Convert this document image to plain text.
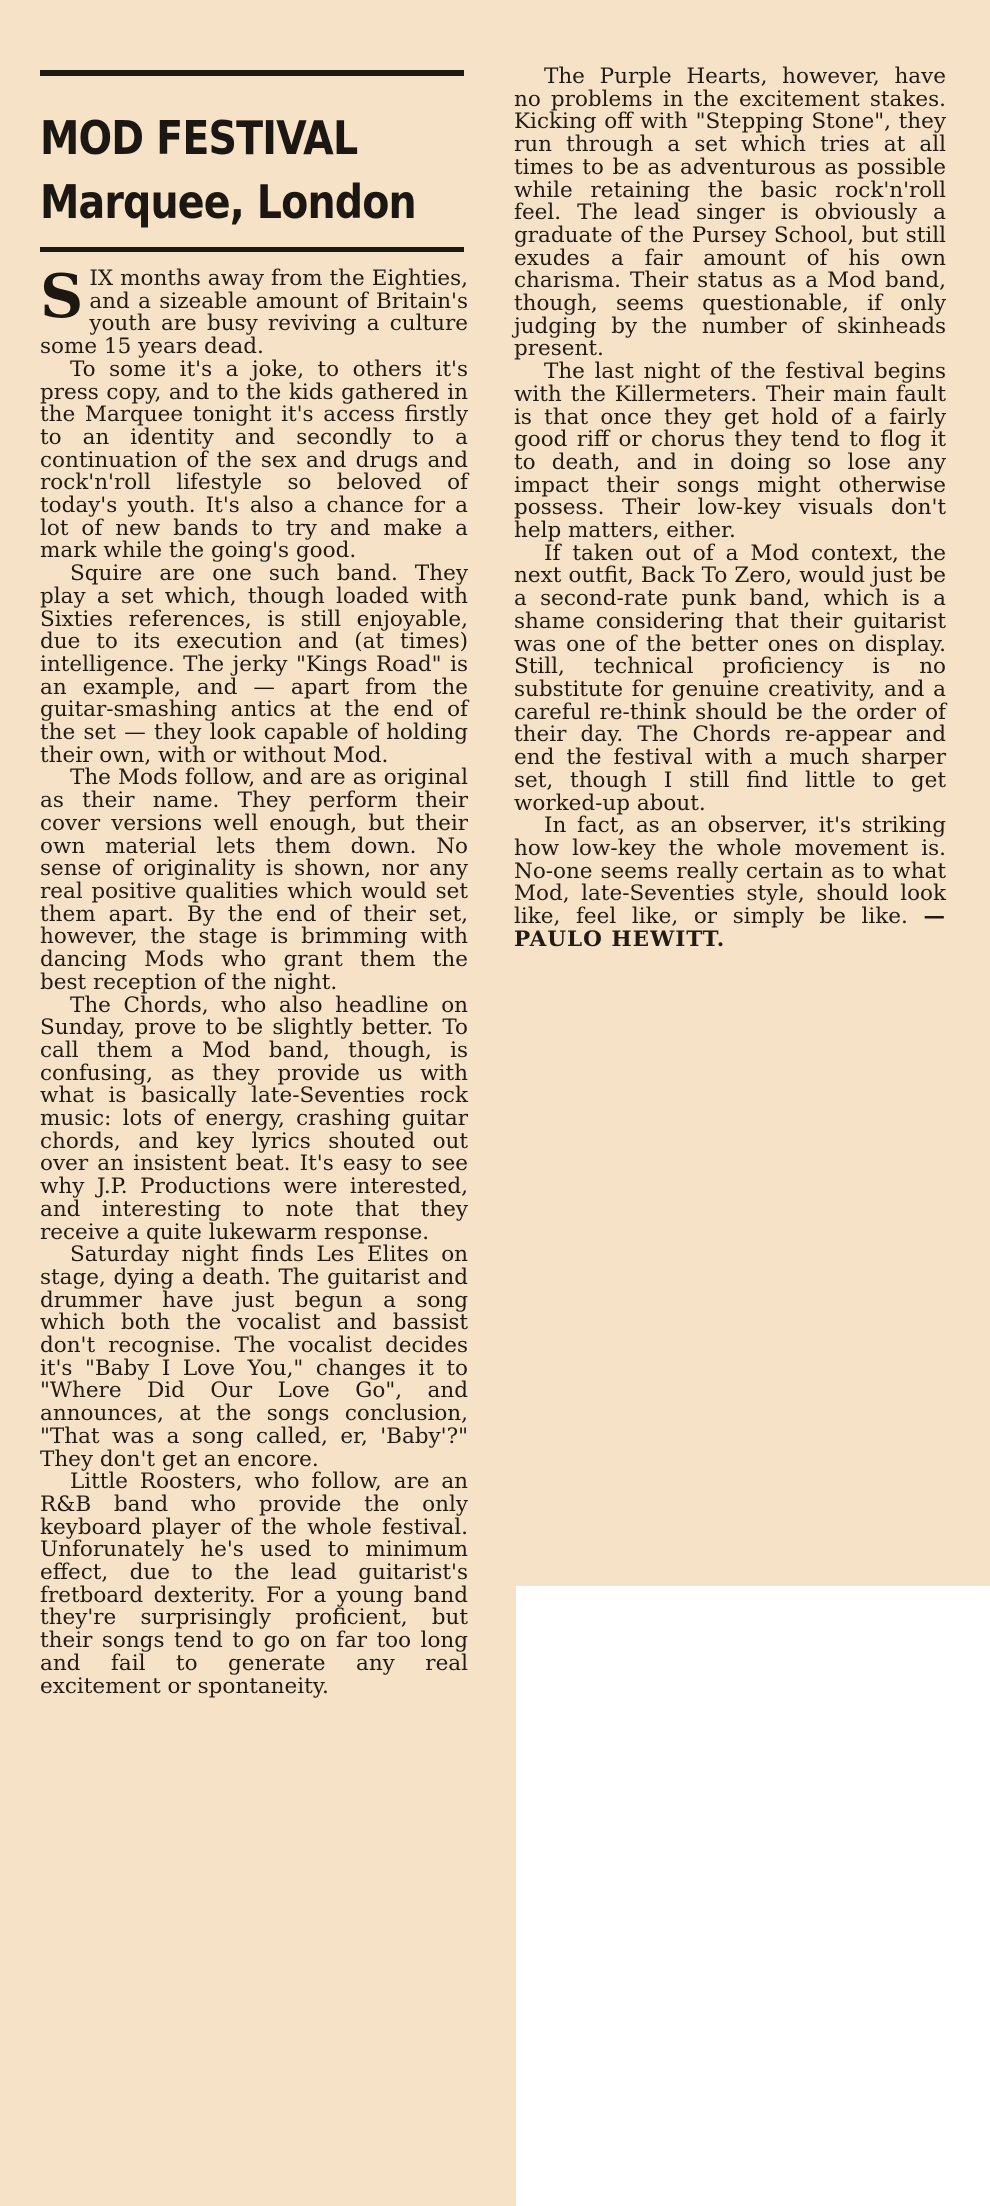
MOD FESTIVAL
Marquee, London

SIX months away from the Eighties, and a sizeable amount of Britain's youth are busy reviving a culture some 15 years dead.

To some it's a joke, to others it's press copy, and to the kids gathered in the Marquee tonight it's access firstly to an identity and secondly to a continuation of the sex and drugs and rock'n'roll lifestyle so beloved of today's youth. It's also a chance for a lot of new bands to try and make a mark while the going's good.

Squire are one such band. They play a set which, though loaded with Sixties references, is still enjoyable, due to its execution and (at times) intelligence. The jerky "Kings Road" is an example, and — apart from the guitar-smashing antics at the end of the set — they look capable of holding their own, with or without Mod.

The Mods follow, and are as original as their name. They perform their cover versions well enough, but their own material lets them down. No sense of originality is shown, nor any real positive qualities which would set them apart. By the end of their set, however, the stage is brimming with dancing Mods who grant them the best reception of the night.

The Chords, who also headline on Sunday, prove to be slightly better. To call them a Mod band, though, is confusing, as they provide us with what is basically late-Seventies rock music: lots of energy, crashing guitar chords, and key lyrics shouted out over an insistent beat. It's easy to see why J.P. Productions were interested, and interesting to note that they receive a quite lukewarm response.

Saturday night finds Les Elites on stage, dying a death. The guitarist and drummer have just begun a song which both the vocalist and bassist don't recognise. The vocalist decides it's "Baby I Love You," changes it to "Where Did Our Love Go", and announces, at the songs conclusion, "That was a song called, er, 'Baby'?" They don't get an encore.

Little Roosters, who follow, are an R&B band who provide the only keyboard player of the whole festival. Unforunately he's used to minimum effect, due to the lead guitarist's fretboard dexterity. For a young band they're surprisingly proficient, but their songs tend to go on far too long and fail to generate any real excitement or spontaneity.

The Purple Hearts, however, have no problems in the excitement stakes. Kicking off with "Stepping Stone", they run through a set which tries at all times to be as adventurous as possible while retaining the basic rock'n'roll feel. The lead singer is obviously a graduate of the Pursey School, but still exudes a fair amount of his own charisma. Their status as a Mod band, though, seems questionable, if only judging by the number of skinheads present.

The last night of the festival begins with the Killermeters. Their main fault is that once they get hold of a fairly good riff or chorus they tend to flog it to death, and in doing so lose any impact their songs might otherwise possess. Their low-key visuals don't help matters, either.

If taken out of a Mod context, the next outfit, Back To Zero, would just be a second-rate punk band, which is a shame considering that their guitarist was one of the better ones on display. Still, technical proficiency is no substitute for genuine creativity, and a careful re-think should be the order of their day. The Chords re-appear and end the festival with a much sharper set, though I still find little to get worked-up about.

In fact, as an observer, it's striking how low-key the whole movement is. No-one seems really certain as to what Mod, late-Seventies style, should look like, feel like, or simply be like. — PAULO HEWITT.
